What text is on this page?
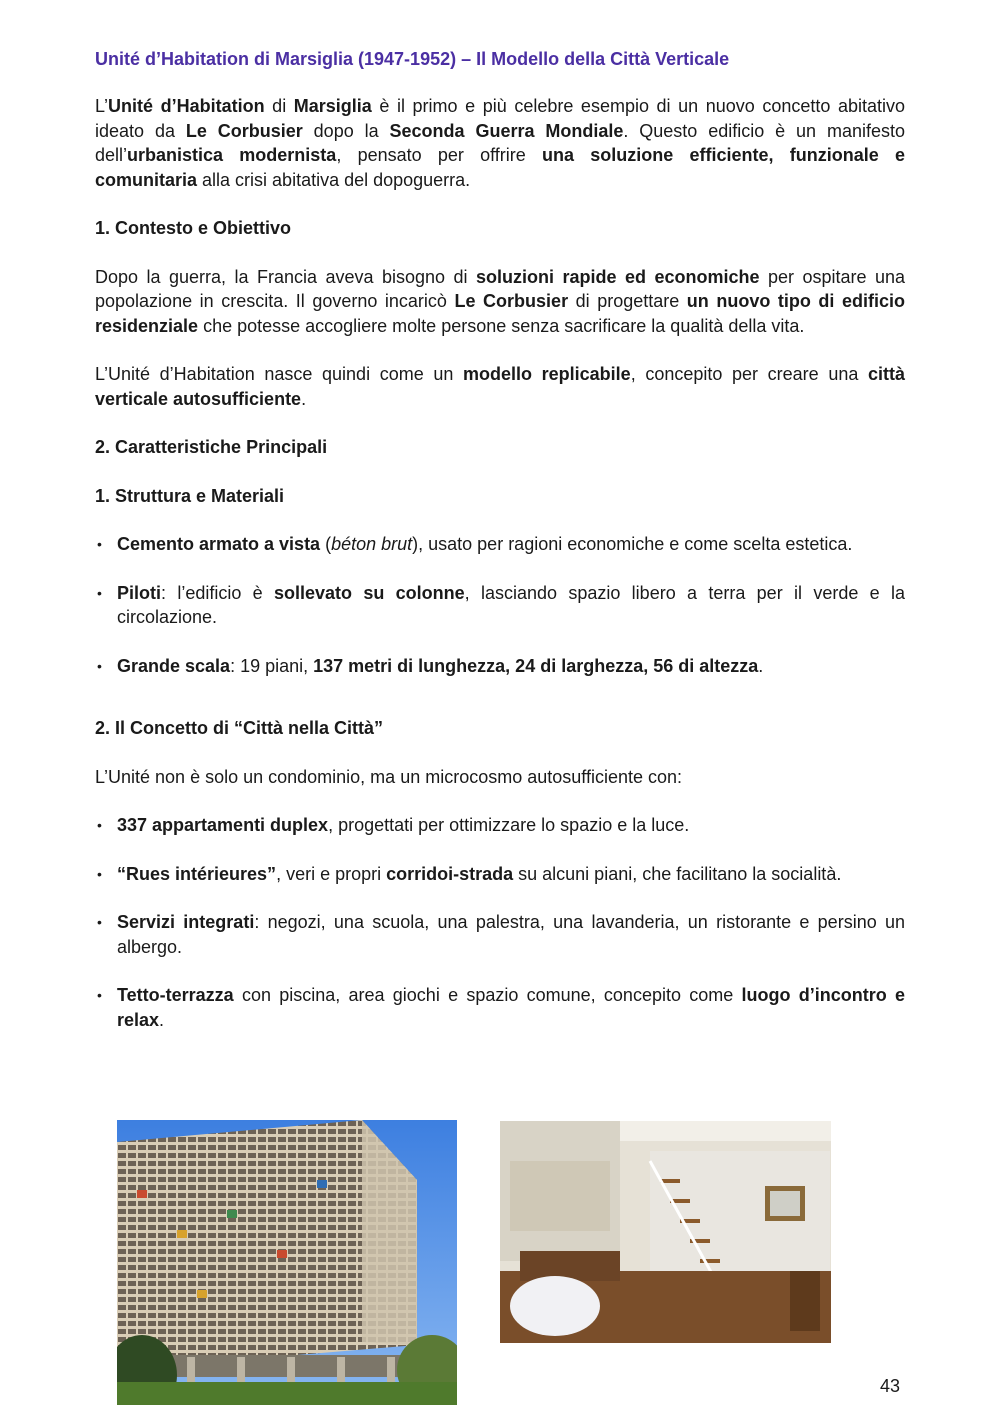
Unité d’Habitation di Marsiglia (1947-1952) – Il Modello della Città Verticale

L’Unité d’Habitation di Marsiglia è il primo e più celebre esempio di un nuovo concetto abitativo ideato da Le Corbusier dopo la Seconda Guerra Mondiale. Questo edificio è un manifesto dell’urbanistica modernista, pensato per offrire una soluzione efficiente, funzionale e comunitaria alla crisi abitativa del dopoguerra.

1. Contesto e Obiettivo

Dopo la guerra, la Francia aveva bisogno di soluzioni rapide ed economiche per ospitare una popolazione in crescita. Il governo incaricò Le Corbusier di progettare un nuovo tipo di edificio residenziale che potesse accogliere molte persone senza sacrificare la qualità della vita.

L’Unité d’Habitation nasce quindi come un modello replicabile, concepito per creare una città verticale autosufficiente.

2. Caratteristiche Principali
1. Struttura e Materiali
• Cemento armato a vista (béton brut), usato per ragioni economiche e come scelta estetica.
• Piloti: l’edificio è sollevato su colonne, lasciando spazio libero a terra per il verde e la circolazione.
• Grande scala: 19 piani, 137 metri di lunghezza, 24 di larghezza, 56 di altezza.
2. Il Concetto di “Città nella Città”

L’Unité non è solo un condominio, ma un microcosmo autosufficiente con:

• 337 appartamenti duplex, progettati per ottimizzare lo spazio e la luce.
• “Rues intérieures”, veri e propri corridoi-strada su alcuni piani, che facilitano la socialità.
• Servizi integrati: negozi, una scuola, una palestra, una lavanderia, un ristorante e persino un albergo.
• Tetto-terrazza con piscina, area giochi e spazio comune, concepito come luogo d’incontro e relax.
43
